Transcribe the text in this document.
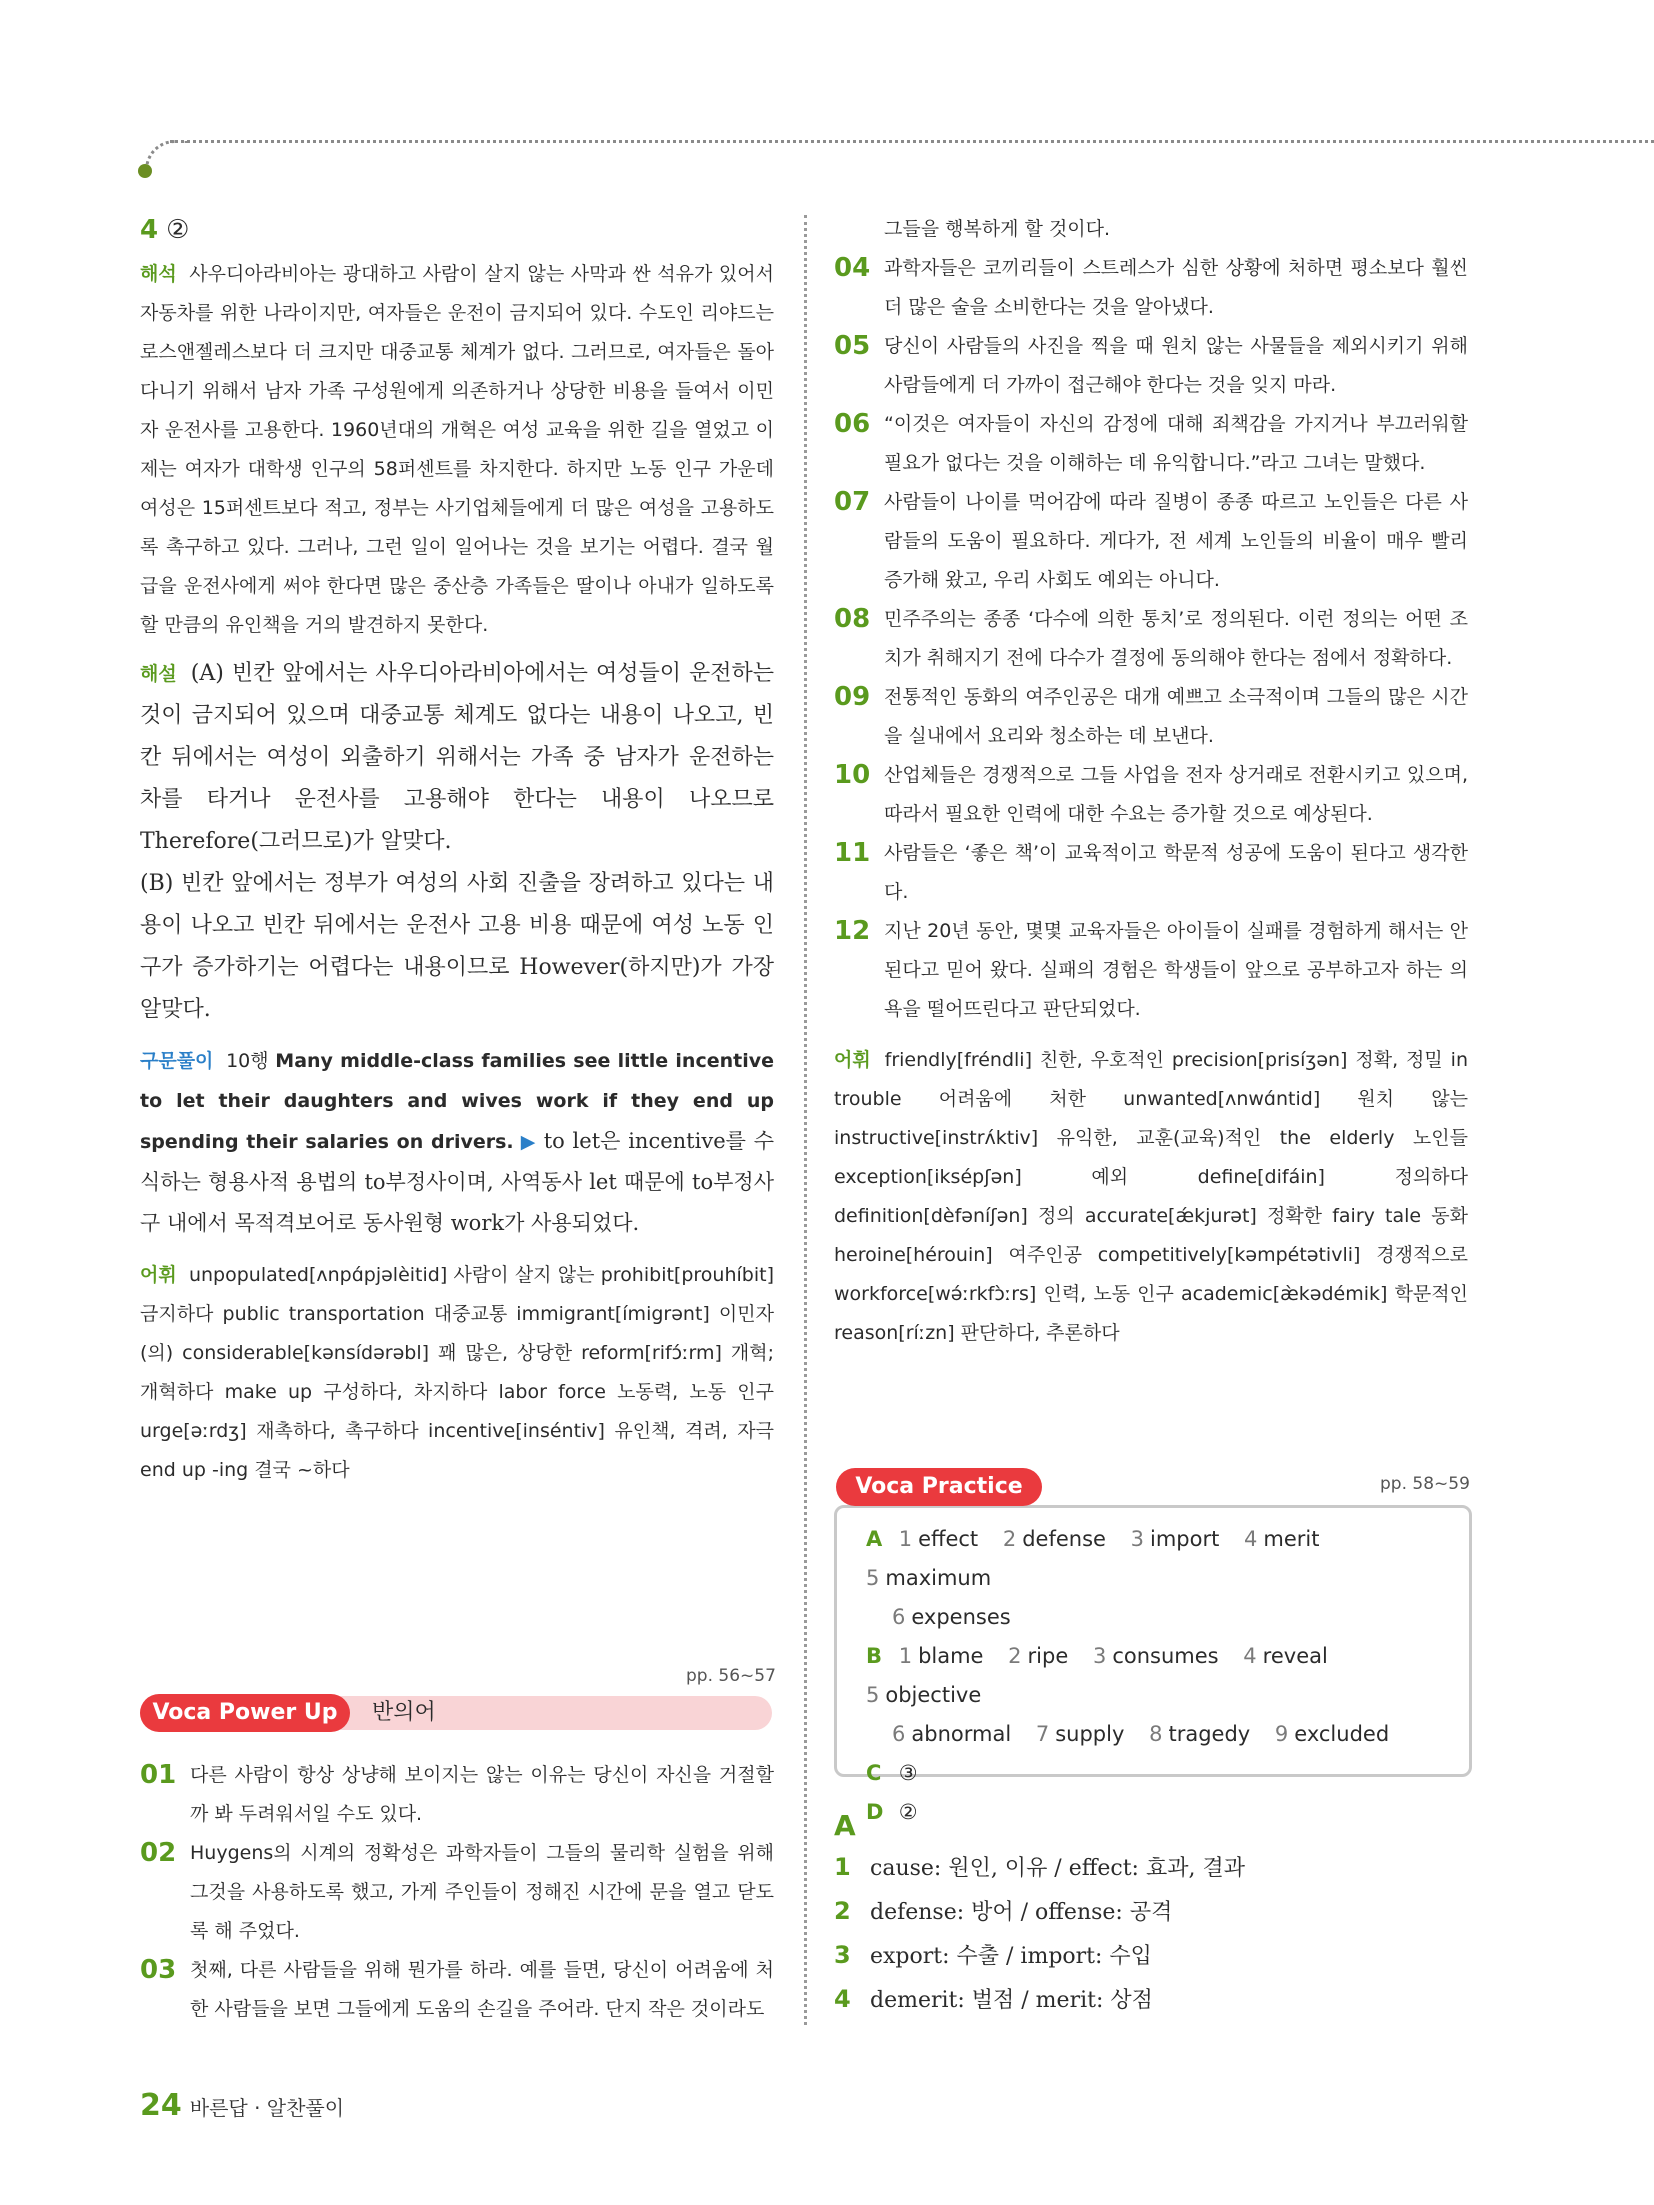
4 ②

해석 사우디아라비아는 광대하고 사람이 살지 않는 사막과 싼 석유가 있어서 자동차를 위한 나라이지만, 여자들은 운전이 금지되어 있다. 수도인 리야드는 로스앤젤레스보다 더 크지만 대중교통 체계가 없다. 그러므로, 여자들은 돌아다니기 위해서 남자 가족 구성원에게 의존하거나 상당한 비용을 들여서 이민자 운전사를 고용한다. 1960년대의 개혁은 여성 교육을 위한 길을 열었고 이제는 여자가 대학생 인구의 58퍼센트를 차지한다. 하지만 노동 인구 가운데 여성은 15퍼센트보다 적고, 정부는 사기업체들에게 더 많은 여성을 고용하도록 촉구하고 있다. 그러나, 그런 일이 일어나는 것을 보기는 어렵다. 결국 월급을 운전사에게 써야 한다면 많은 중산층 가족들은 딸이나 아내가 일하도록 할 만큼의 유인책을 거의 발견하지 못한다.

해설 (A) 빈칸 앞에서는 사우디아라비아에서는 여성들이 운전하는 것이 금지되어 있으며 대중교통 체계도 없다는 내용이 나오고, 빈칸 뒤에서는 여성이 외출하기 위해서는 가족 중 남자가 운전하는 차를 타거나 운전사를 고용해야 한다는 내용이 나오므로 Therefore(그러므로)가 알맞다.

(B) 빈칸 앞에서는 정부가 여성의 사회 진출을 장려하고 있다는 내용이 나오고 빈칸 뒤에서는 운전사 고용 비용 때문에 여성 노동 인구가 증가하기는 어렵다는 내용이므로 However(하지만)가 가장 알맞다.

구문풀이 10행 Many middle-class families see little incentive to let their daughters and wives work if they end up spending their salaries on drivers. ▶ to let은 incentive를 수식하는 형용사적 용법의 to부정사이며, 사역동사 let 때문에 to부정사구 내에서 목적격보어로 동사원형 work가 사용되었다.

어휘 unpopulated[ʌnpɑ́pjəlèitid] 사람이 살지 않는 prohibit[prouhíbit] 금지하다 public transportation 대중교통 immigrant[ímigrənt] 이민자(의) considerable[kənsídərəbl] 꽤 많은, 상당한 reform[rifɔ́ːrm] 개혁; 개혁하다 make up 구성하다, 차지하다 labor force 노동력, 노동 인구 urge[əːrdʒ] 재촉하다, 촉구하다 incentive[inséntiv] 유인책, 격려, 자극 end up -ing 결국 ~하다

pp. 56~57
Voca Power Up	반의어
01 다른 사람이 항상 상냥해 보이지는 않는 이유는 당신이 자신을 거절할까 봐 두려워서일 수도 있다.
02 Huygens의 시계의 정확성은 과학자들이 그들의 물리학 실험을 위해 그것을 사용하도록 했고, 가게 주인들이 정해진 시간에 문을 열고 닫도록 해 주었다.
03 첫째, 다른 사람들을 위해 뭔가를 하라. 예를 들면, 당신이 어려움에 처한 사람들을 보면 그들에게 도움의 손길을 주어라. 단지 작은 것이라도
그들을 행복하게 할 것이다.
04 과학자들은 코끼리들이 스트레스가 심한 상황에 처하면 평소보다 훨씬 더 많은 술을 소비한다는 것을 알아냈다.
05 당신이 사람들의 사진을 찍을 때 원치 않는 사물들을 제외시키기 위해 사람들에게 더 가까이 접근해야 한다는 것을 잊지 마라.
06 “이것은 여자들이 자신의 감정에 대해 죄책감을 가지거나 부끄러워할 필요가 없다는 것을 이해하는 데 유익합니다.”라고 그녀는 말했다.
07 사람들이 나이를 먹어감에 따라 질병이 종종 따르고 노인들은 다른 사람들의 도움이 필요하다. 게다가, 전 세계 노인들의 비율이 매우 빨리 증가해 왔고, 우리 사회도 예외는 아니다.
08 민주주의는 종종 ‘다수에 의한 통치’로 정의된다. 이런 정의는 어떤 조치가 취해지기 전에 다수가 결정에 동의해야 한다는 점에서 정확하다.
09 전통적인 동화의 여주인공은 대개 예쁘고 소극적이며 그들의 많은 시간을 실내에서 요리와 청소하는 데 보낸다.
10 산업체들은 경쟁적으로 그들 사업을 전자 상거래로 전환시키고 있으며, 따라서 필요한 인력에 대한 수요는 증가할 것으로 예상된다.
11 사람들은 ‘좋은 책’이 교육적이고 학문적 성공에 도움이 된다고 생각한다.
12 지난 20년 동안, 몇몇 교육자들은 아이들이 실패를 경험하게 해서는 안 된다고 믿어 왔다. 실패의 경험은 학생들이 앞으로 공부하고자 하는 의욕을 떨어뜨린다고 판단되었다.

어휘 friendly[fréndli] 친한, 우호적인 precision[prisíʒən] 정확, 정밀 in trouble 어려움에 처한 unwanted[ʌnwɑ́ntid] 원치 않는 instructive[instrʌ́ktiv] 유익한, 교훈(교육)적인 the elderly 노인들 exception[iksépʃən] 예외 define[difáin] 정의하다 definition[dèfəníʃən] 정의 accurate[ǽkjurət] 정확한 fairy tale 동화 heroine[hérouin] 여주인공 competitively[kəmpétətivli] 경쟁적으로 workforce[wə́ːrkfɔ̀ːrs] 인력, 노동 인구 academic[æ̀kədémik] 학문적인 reason[ríːzn] 판단하다, 추론하다

pp. 58~59
Voca Practice
A 1 effect 2 defense 3 import 4 merit 5 maximum
6 expenses
B 1 blame 2 ripe 3 consumes 4 reveal 5 objective
6 abnormal 7 supply 8 tragedy 9 excluded
C ③
D ②
A
1 cause: 원인, 이유 / effect: 효과, 결과
2 defense: 방어 / offense: 공격
3 export: 수출 / import: 수입
4 demerit: 벌점 / merit: 상점
24 바른답 · 알찬풀이
